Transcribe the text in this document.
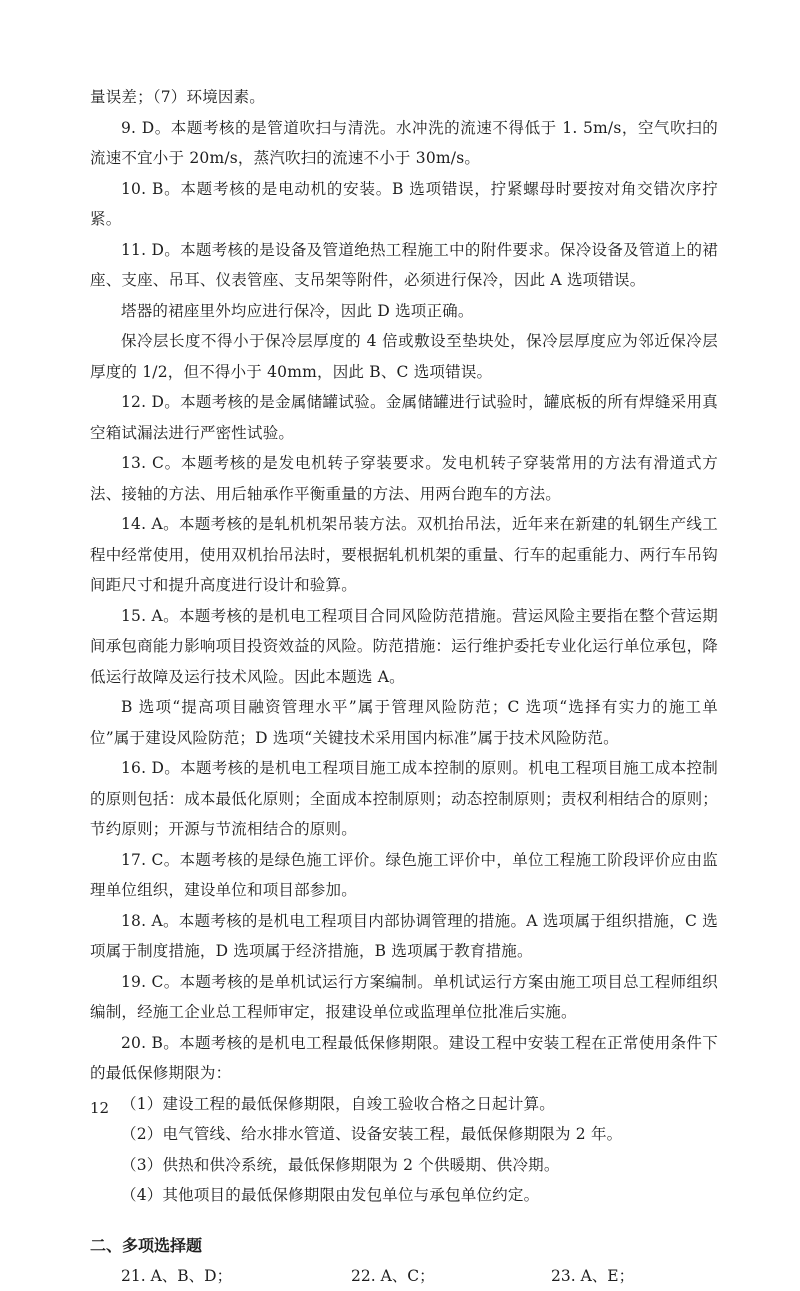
量误差；（7）环境因素。

9. D。本题考核的是管道吹扫与清洗。水冲洗的流速不得低于 1. 5m/s，空气吹扫的流速不宜小于 20m/s，蒸汽吹扫的流速不小于 30m/s。

10. B。本题考核的是电动机的安装。B 选项错误，拧紧螺母时要按对角交错次序拧紧。

11. D。本题考核的是设备及管道绝热工程施工中的附件要求。保冷设备及管道上的裙座、支座、吊耳、仪表管座、支吊架等附件，必须进行保冷，因此 A 选项错误。

塔器的裙座里外均应进行保冷，因此 D 选项正确。

保冷层长度不得小于保冷层厚度的 4 倍或敷设至垫块处，保冷层厚度应为邻近保冷层厚度的 1/2，但不得小于 40mm，因此 B、C 选项错误。

12. D。本题考核的是金属储罐试验。金属储罐进行试验时，罐底板的所有焊缝采用真空箱试漏法进行严密性试验。

13. C。本题考核的是发电机转子穿装要求。发电机转子穿装常用的方法有滑道式方法、接轴的方法、用后轴承作平衡重量的方法、用两台跑车的方法。

14. A。本题考核的是轧机机架吊装方法。双机抬吊法，近年来在新建的轧钢生产线工程中经常使用，使用双机抬吊法时，要根据轧机机架的重量、行车的起重能力、两行车吊钩间距尺寸和提升高度进行设计和验算。

15. A。本题考核的是机电工程项目合同风险防范措施。营运风险主要指在整个营运期间承包商能力影响项目投资效益的风险。防范措施：运行维护委托专业化运行单位承包，降低运行故障及运行技术风险。因此本题选 A。

B 选项“提高项目融资管理水平”属于管理风险防范；C 选项“选择有实力的施工单位”属于建设风险防范；D 选项“关键技术采用国内标准”属于技术风险防范。

16. D。本题考核的是机电工程项目施工成本控制的原则。机电工程项目施工成本控制的原则包括：成本最低化原则；全面成本控制原则；动态控制原则；责权利相结合的原则；节约原则；开源与节流相结合的原则。

17. C。本题考核的是绿色施工评价。绿色施工评价中，单位工程施工阶段评价应由监理单位组织，建设单位和项目部参加。

18. A。本题考核的是机电工程项目内部协调管理的措施。A 选项属于组织措施，C 选项属于制度措施，D 选项属于经济措施，B 选项属于教育措施。

19. C。本题考核的是单机试运行方案编制。单机试运行方案由施工项目总工程师组织编制，经施工企业总工程师审定，报建设单位或监理单位批准后实施。

20. B。本题考核的是机电工程最低保修期限。建设工程中安装工程在正常使用条件下的最低保修期限为：

（1）建设工程的最低保修期限，自竣工验收合格之日起计算。

（2）电气管线、给水排水管道、设备安装工程，最低保修期限为 2 年。

（3）供热和供冷系统，最低保修期限为 2 个供暖期、供冷期。

（4）其他项目的最低保修期限由发包单位与承包单位约定。

二、多项选择题

21. A、B、D；	22. A、C；	23. A、E；

12
